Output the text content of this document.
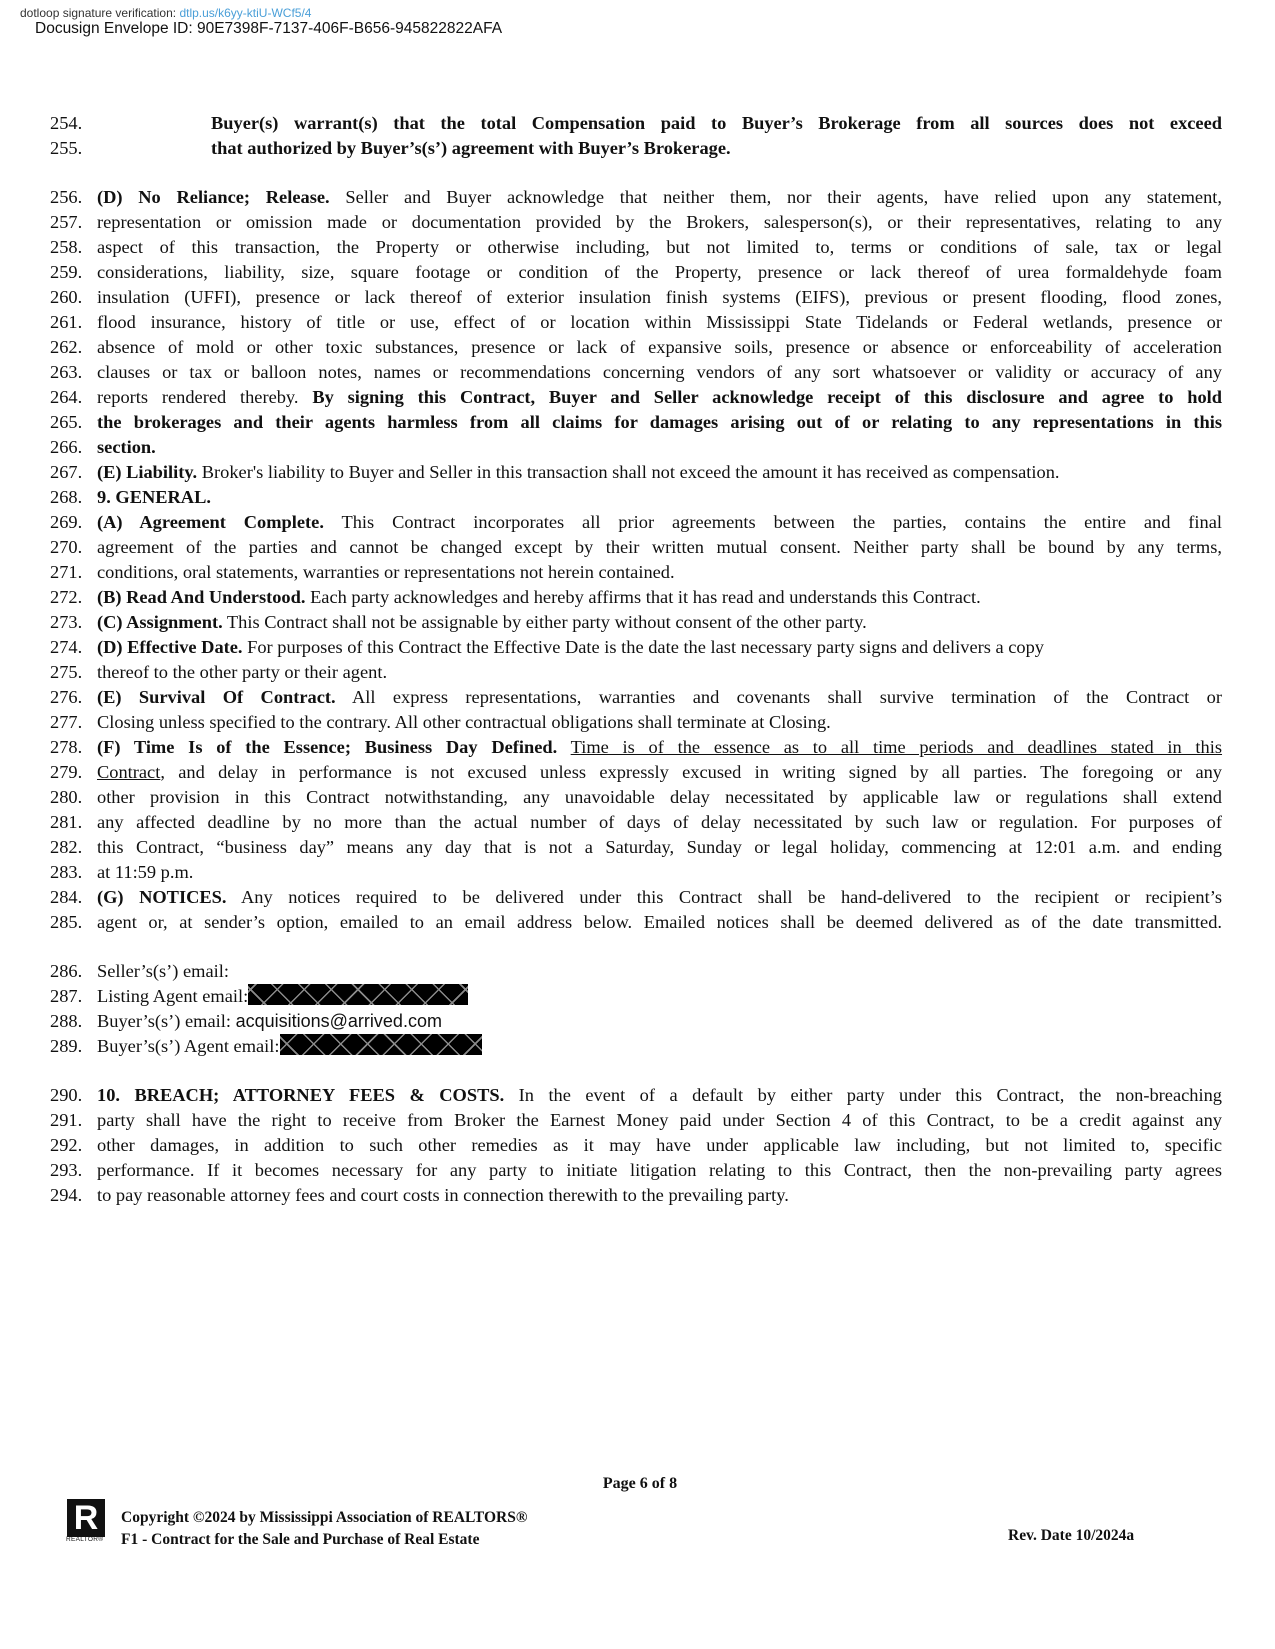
dotloop signature verification: dtlp.us/k6yy-ktiU-WCf5/4
Docusign Envelope ID: 90E7398F-7137-406F-B656-945822822AFA
254.	Buyer(s) warrant(s) that the total Compensation paid to Buyer’s Brokerage from all sources does not exceed
255.	that authorized by Buyer’s(s’) agreement with Buyer’s Brokerage.
256. (D) No Reliance; Release. Seller and Buyer acknowledge that neither them, nor their agents, have relied upon any statement,
257. representation or omission made or documentation provided by the Brokers, salesperson(s), or their representatives, relating to any
258. aspect of this transaction, the Property or otherwise including, but not limited to, terms or conditions of sale, tax or legal
259. considerations, liability, size, square footage or condition of the Property, presence or lack thereof of urea formaldehyde foam
260. insulation (UFFI), presence or lack thereof of exterior insulation finish systems (EIFS), previous or present flooding, flood zones,
261. flood insurance, history of title or use, effect of or location within Mississippi State Tidelands or Federal wetlands, presence or
262. absence of mold or other toxic substances, presence or lack of expansive soils, presence or absence or enforceability of acceleration
263. clauses or tax or balloon notes, names or recommendations concerning vendors of any sort whatsoever or validity or accuracy of any
264. reports rendered thereby. By signing this Contract, Buyer and Seller acknowledge receipt of this disclosure and agree to hold
265. the brokerages and their agents harmless from all claims for damages arising out of or relating to any representations in this
266. section.
267. (E) Liability. Broker's liability to Buyer and Seller in this transaction shall not exceed the amount it has received as compensation.
268. 9. GENERAL.
269. (A) Agreement Complete. This Contract incorporates all prior agreements between the parties, contains the entire and final
270. agreement of the parties and cannot be changed except by their written mutual consent. Neither party shall be bound by any terms,
271. conditions, oral statements, warranties or representations not herein contained.
272. (B) Read And Understood. Each party acknowledges and hereby affirms that it has read and understands this Contract.
273. (C) Assignment. This Contract shall not be assignable by either party without consent of the other party.
274. (D) Effective Date. For purposes of this Contract the Effective Date is the date the last necessary party signs and delivers a copy
275. thereof to the other party or their agent.
276. (E) Survival Of Contract. All express representations, warranties and covenants shall survive termination of the Contract or
277. Closing unless specified to the contrary. All other contractual obligations shall terminate at Closing.
278. (F) Time Is of the Essence; Business Day Defined. Time is of the essence as to all time periods and deadlines stated in this
279. Contract, and delay in performance is not excused unless expressly excused in writing signed by all parties. The foregoing or any
280. other provision in this Contract notwithstanding, any unavoidable delay necessitated by applicable law or regulations shall extend
281. any affected deadline by no more than the actual number of days of delay necessitated by such law or regulation. For purposes of
282. this Contract, “business day” means any day that is not a Saturday, Sunday or legal holiday, commencing at 12:01 a.m. and ending
283. at 11:59 p.m.
284. (G) NOTICES. Any notices required to be delivered under this Contract shall be hand-delivered to the recipient or recipient’s
285. agent or, at sender’s option, emailed to an email address below. Emailed notices shall be deemed delivered as of the date transmitted.
286. Seller’s(s’) email:
287. Listing Agent email:
288. Buyer’s(s’) email: acquisitions@arrived.com
289. Buyer’s(s’) Agent email:
290. 10. BREACH; ATTORNEY FEES & COSTS. In the event of a default by either party under this Contract, the non-breaching
291. party shall have the right to receive from Broker the Earnest Money paid under Section 4 of this Contract, to be a credit against any
292. other damages, in addition to such other remedies as it may have under applicable law including, but not limited to, specific
293. performance. If it becomes necessary for any party to initiate litigation relating to this Contract, then the non-prevailing party agrees
294. to pay reasonable attorney fees and court costs in connection therewith to the prevailing party.
Page 6 of 8
R
REALTOR®
Copyright ©2024 by Mississippi Association of REALTORS®
F1 - Contract for the Sale and Purchase of Real Estate	Rev. Date 10/2024a
